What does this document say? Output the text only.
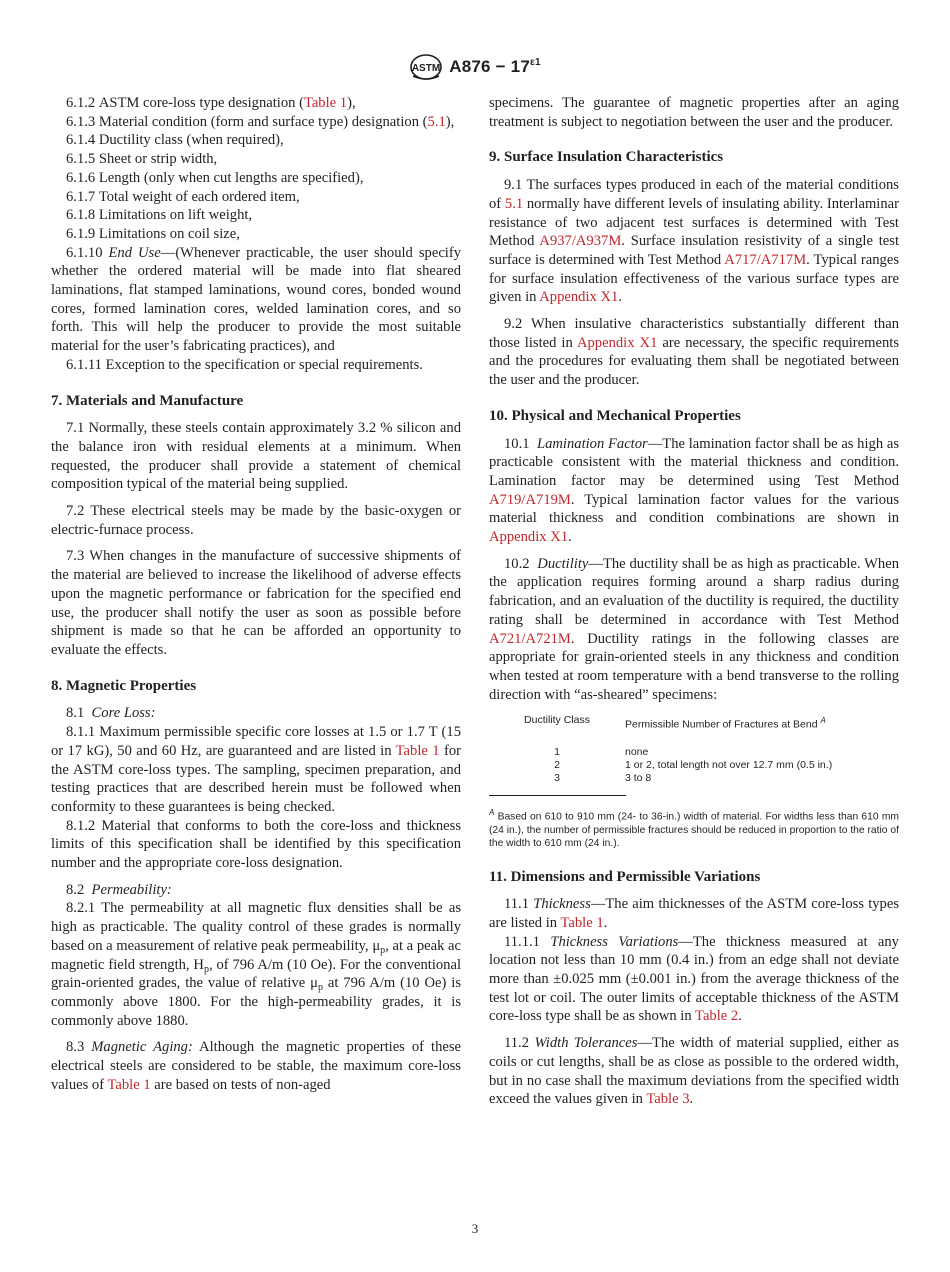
ASTM $A876 - 17^{\varepsilon 1}$

6.1.2 ASTM core-loss type designation (Table 1),

6.1.3 Material condition (form and surface type) designation (5.1),

6.1.4 Ductility class (when required),

6.1.5 Sheet or strip width,

6.1.6 Length (only when cut lengths are specified),

6.1.7 Total weight of each ordered item,

6.1.8 Limitations on lift weight,

6.1.9 Limitations on coil size,

6.1.10 End Use—(Whenever practicable, the user should specify whether the ordered material will be made into flat sheared laminations, flat stamped laminations, wound cores, bonded wound cores, formed lamination cores, welded lamination cores, and so forth. This will help the producer to provide the most suitable material for the user’s fabricating practices), and

6.1.11 Exception to the specification or special requirements.

7. Materials and Manufacture

7.1 Normally, these steels contain approximately 3.2 % silicon and the balance iron with residual elements at a minimum. When requested, the producer shall provide a statement of chemical composition typical of the material being supplied.

7.2 These electrical steels may be made by the basic-oxygen or electric-furnace process.

7.3 When changes in the manufacture of successive shipments of the material are believed to increase the likelihood of adverse effects upon the magnetic performance or fabrication for the specified end use, the producer shall notify the user as soon as possible before shipment is made so that he can be afforded an opportunity to evaluate the effects.

8. Magnetic Properties

8.1 Core Loss:

8.1.1 Maximum permissible specific core losses at 1.5 or 1.7 T (15 or 17 kG), 50 and 60 Hz, are guaranteed and are listed in Table 1 for the ASTM core-loss types. The sampling, specimen preparation, and testing practices that are described herein must be followed when conformity to these guarantees is being checked.

8.1.2 Material that conforms to both the core-loss and thickness limits of this specification shall be identified by this specification number and the appropriate core-loss designation.

8.2 Permeability:

8.2.1 The permeability at all magnetic flux densities shall be as high as practicable. The quality control of these grades is normally based on a measurement of relative peak permeability, $\mu_p$, at a peak ac magnetic field strength, $H_p$, of 796 A/m (10 Oe). For the conventional grain-oriented grades, the value of relative $\mu_p$ at 796 A/m (10 Oe) is commonly above 1800. For the high-permeability grades, it is commonly above 1880.

8.3 Magnetic Aging: Although the magnetic properties of these electrical steels are considered to be stable, the maximum core-loss values of Table 1 are based on tests of non-aged

specimens. The guarantee of magnetic properties after an aging treatment is subject to negotiation between the user and the producer.

9. Surface Insulation Characteristics

9.1 The surfaces types produced in each of the material conditions of 5.1 normally have different levels of insulating ability. Interlaminar resistance of two adjacent test surfaces is determined with Test Method A937/A937M. Surface insulation resistivity of a single test surface is determined with Test Method A717/A717M. Typical ranges for surface insulation effectiveness of the various surface types are given in Appendix X1.

9.2 When insulative characteristics substantially different than those listed in Appendix X1 are necessary, the specific requirements and the procedures for evaluating them shall be negotiated between the user and the producer.

10. Physical and Mechanical Properties

10.1 Lamination Factor—The lamination factor shall be as high as practicable consistent with the material thickness and condition. Lamination factor may be determined using Test Method A719/A719M. Typical lamination factor values for the various material thickness and condition combinations are shown in Appendix X1.

10.2 Ductility—The ductility shall be as high as practicable. When the application requires forming around a sharp radius during fabrication, and an evaluation of the ductility is required, the ductility rating shall be determined in accordance with Test Method A721/A721M. Ductility ratings in the following classes are appropriate for grain-oriented steels in any thickness and condition when tested at room temperature with a bend transverse to the rolling direction with “as-sheared” specimens:

Ductility Class	Permissible Number of Fractures at Bend $^A$
1	none
2	1 or 2, total length not over 12.7 mm (0.5 in.)
3	3 to 8

$^A$ Based on 610 to 910 mm (24- to 36-in.) width of material. For widths less than 610 mm (24 in.), the number of permissible fractures should be reduced in proportion to the ratio of the width to 610 mm (24 in.).

11. Dimensions and Permissible Variations

11.1 Thickness—The aim thicknesses of the ASTM core-loss types are listed in Table 1.

11.1.1 Thickness Variations—The thickness measured at any location not less than 10 mm (0.4 in.) from an edge shall not deviate more than ±0.025 mm (±0.001 in.) from the average thickness of the test lot or coil. The outer limits of acceptable thickness of the ASTM core-loss type shall be as shown in Table 2.

11.2 Width Tolerances—The width of material supplied, either as coils or cut lengths, shall be as close as possible to the ordered width, but in no case shall the maximum deviations from the specified width exceed the values given in Table 3.

3
